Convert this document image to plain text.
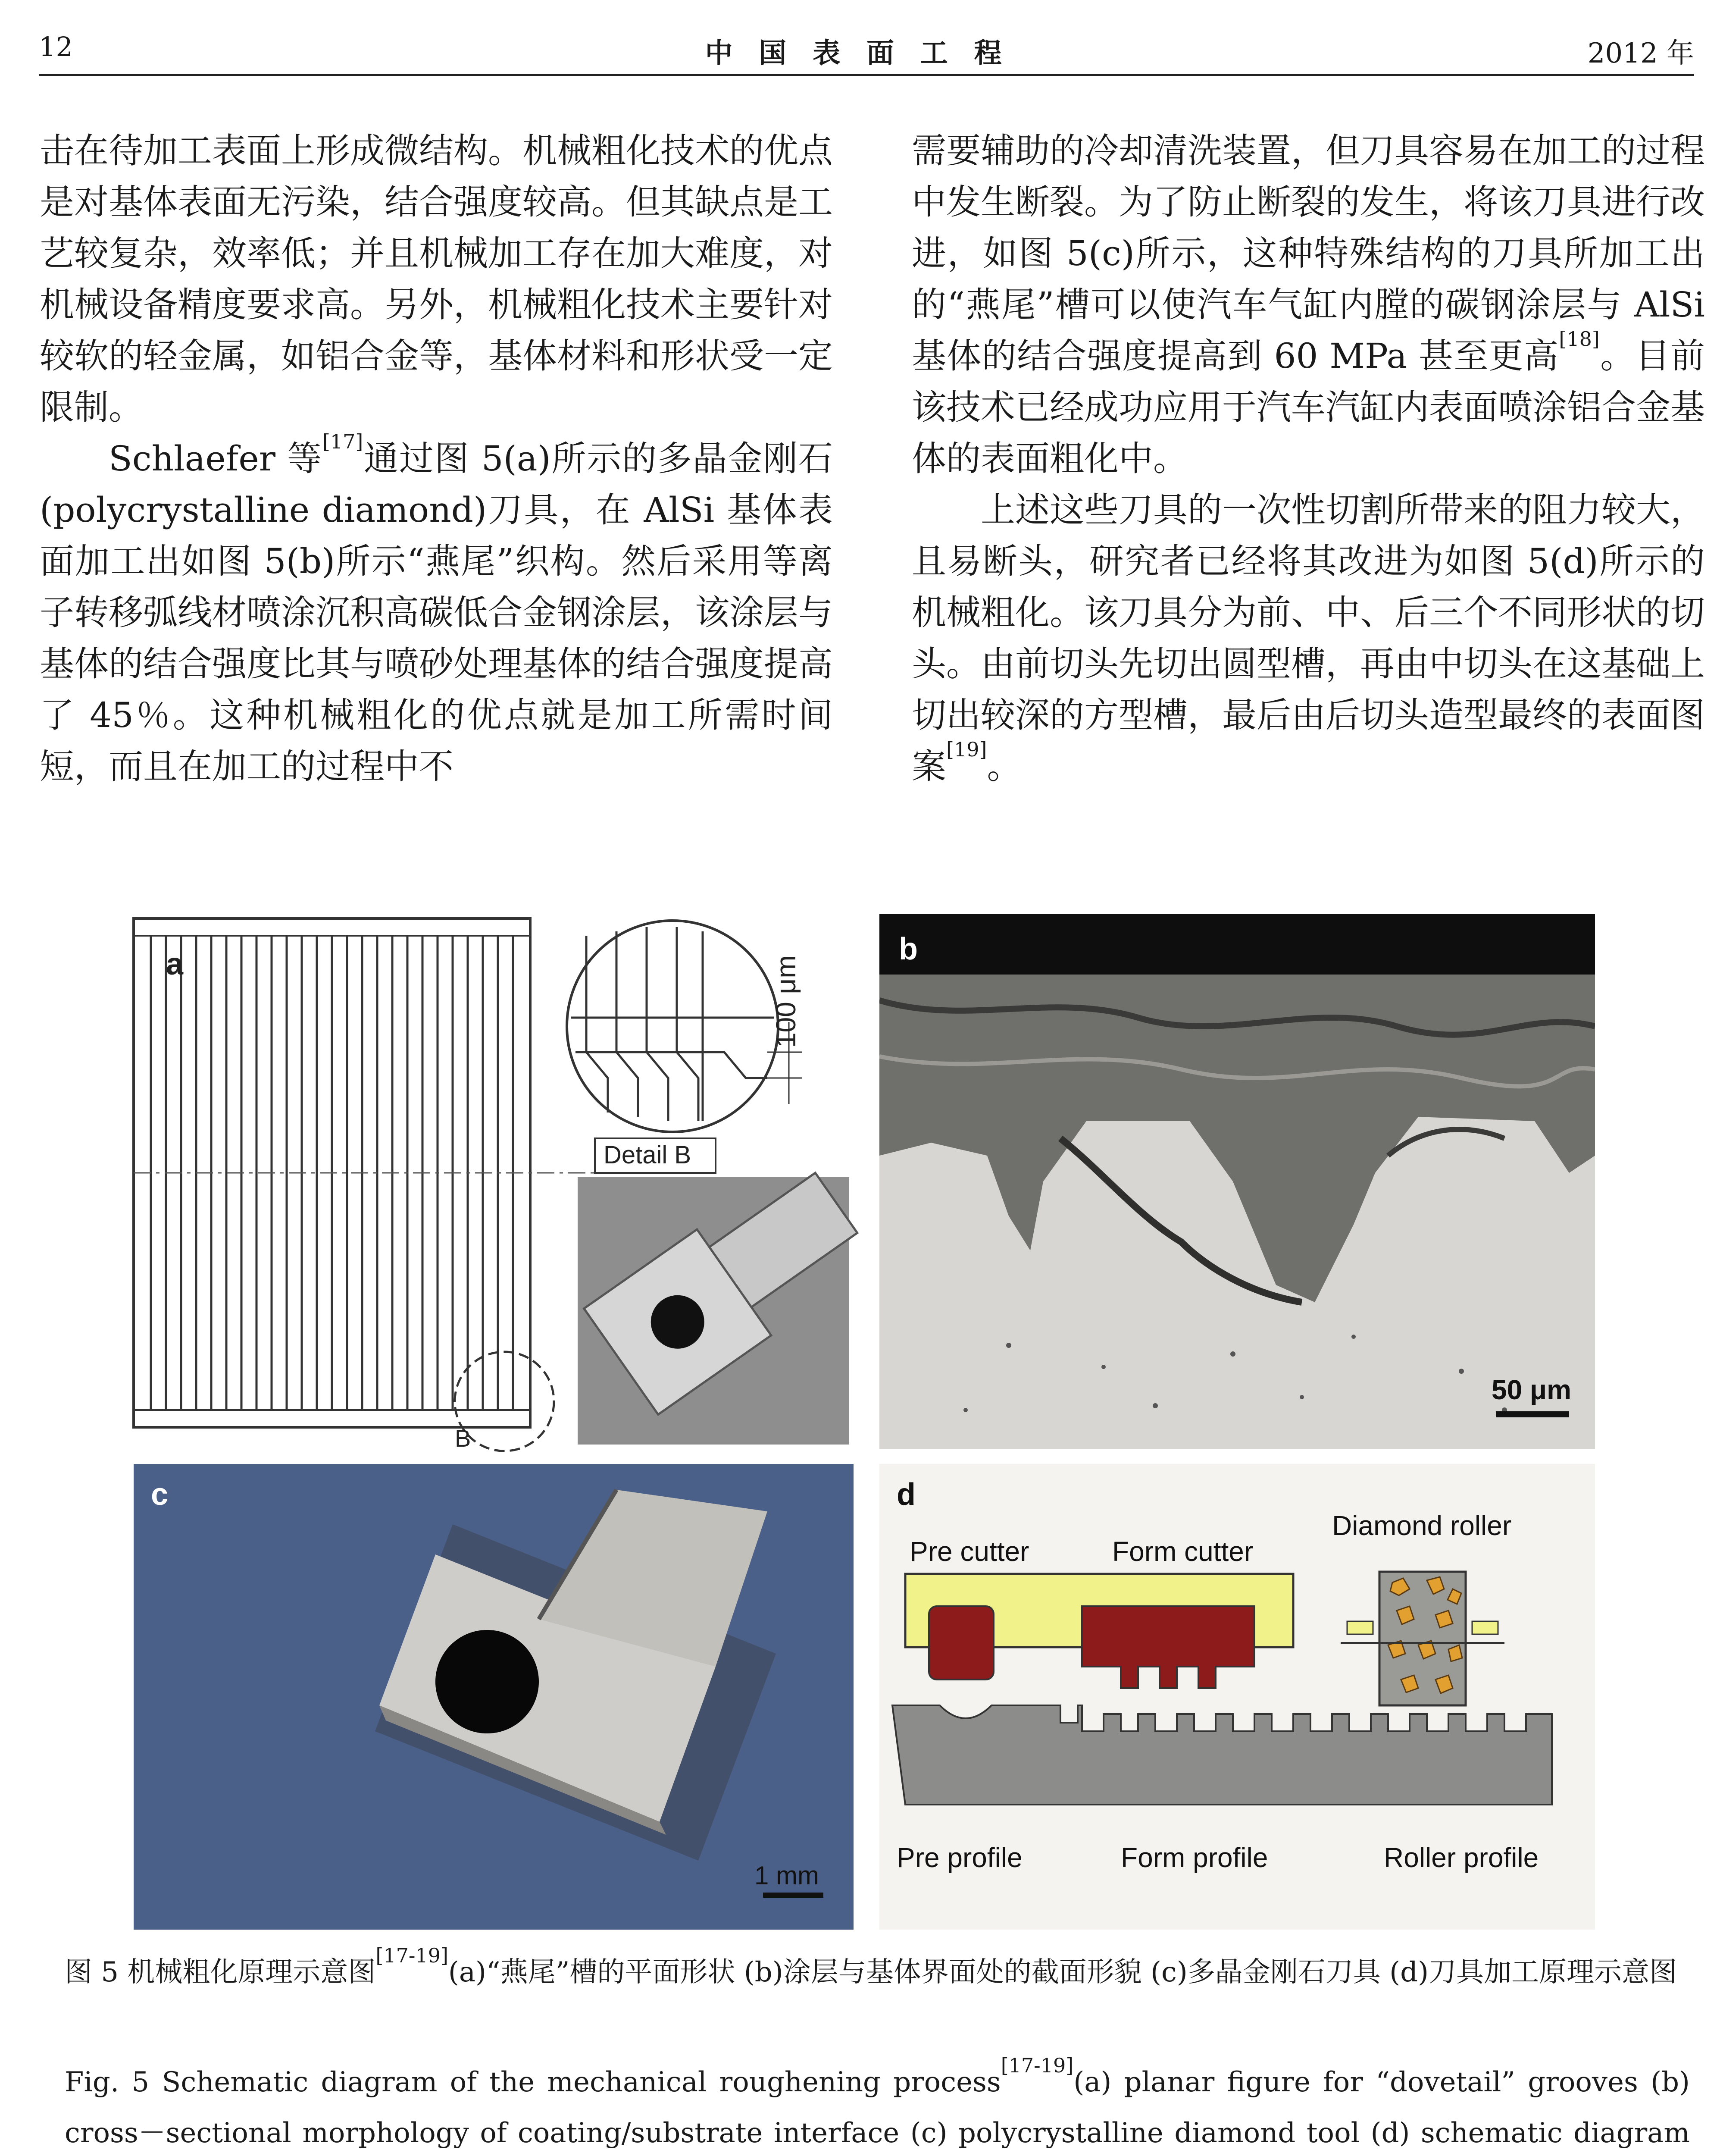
12	中国表面工程	2012 年

击在待加工表面上形成微结构。机械粗化技术的优点是对基体表面无污染，结合强度较高。但其缺点是工艺较复杂，效率低；并且机械加工存在加大难度，对机械设备精度要求高。另外，机械粗化技术主要针对较软的轻金属，如铝合金等，基体材料和形状受一定限制。

Schlaefer 等[17]通过图 5(a)所示的多晶金刚石(polycrystalline diamond)刀具，在 AlSi 基体表面加工出如图 5(b)所示“燕尾”织构。然后采用等离子转移弧线材喷涂沉积高碳低合金钢涂层，该涂层与基体的结合强度比其与喷砂处理基体的结合强度提高了 45％。这种机械粗化的优点就是加工所需时间短，而且在加工的过程中不

需要辅助的冷却清洗装置，但刀具容易在加工的过程中发生断裂。为了防止断裂的发生，将该刀具进行改进，如图 5(c)所示，这种特殊结构的刀具所加工出的“燕尾”槽可以使汽车气缸内膛的碳钢涂层与 AlSi 基体的结合强度提高到 60 MPa 甚至更高[18]。目前该技术已经成功应用于汽车汽缸内表面喷涂铝合金基体的表面粗化中。

上述这些刀具的一次性切割所带来的阻力较大，且易断头，研究者已经将其改进为如图 5(d)所示的机械粗化。该刀具分为前、中、后三个不同形状的切头。由前切头先切出圆型槽，再由中切头在这基础上切出较深的方型槽，最后由后切头造型最终的表面图案[19]。

B
100 μm
Detail B
a
50 μm
b
1 mm
c
Pre cutter	Form cutter
Diamond roller
Pre profile	Form profile	Roller profile
d
图 5 机械粗化原理示意图[17-19](a)“燕尾”槽的平面形状 (b)涂层与基体界面处的截面形貌 (c)多晶金刚石刀具 (d)刀具加工原理示意图
Fig. 5 Schematic diagram of the mechanical roughening process[17-19](a) planar figure for “dovetail” grooves (b) cross－sectional morphology of coating/substrate interface (c) polycrystalline diamond tool (d) schematic diagram
